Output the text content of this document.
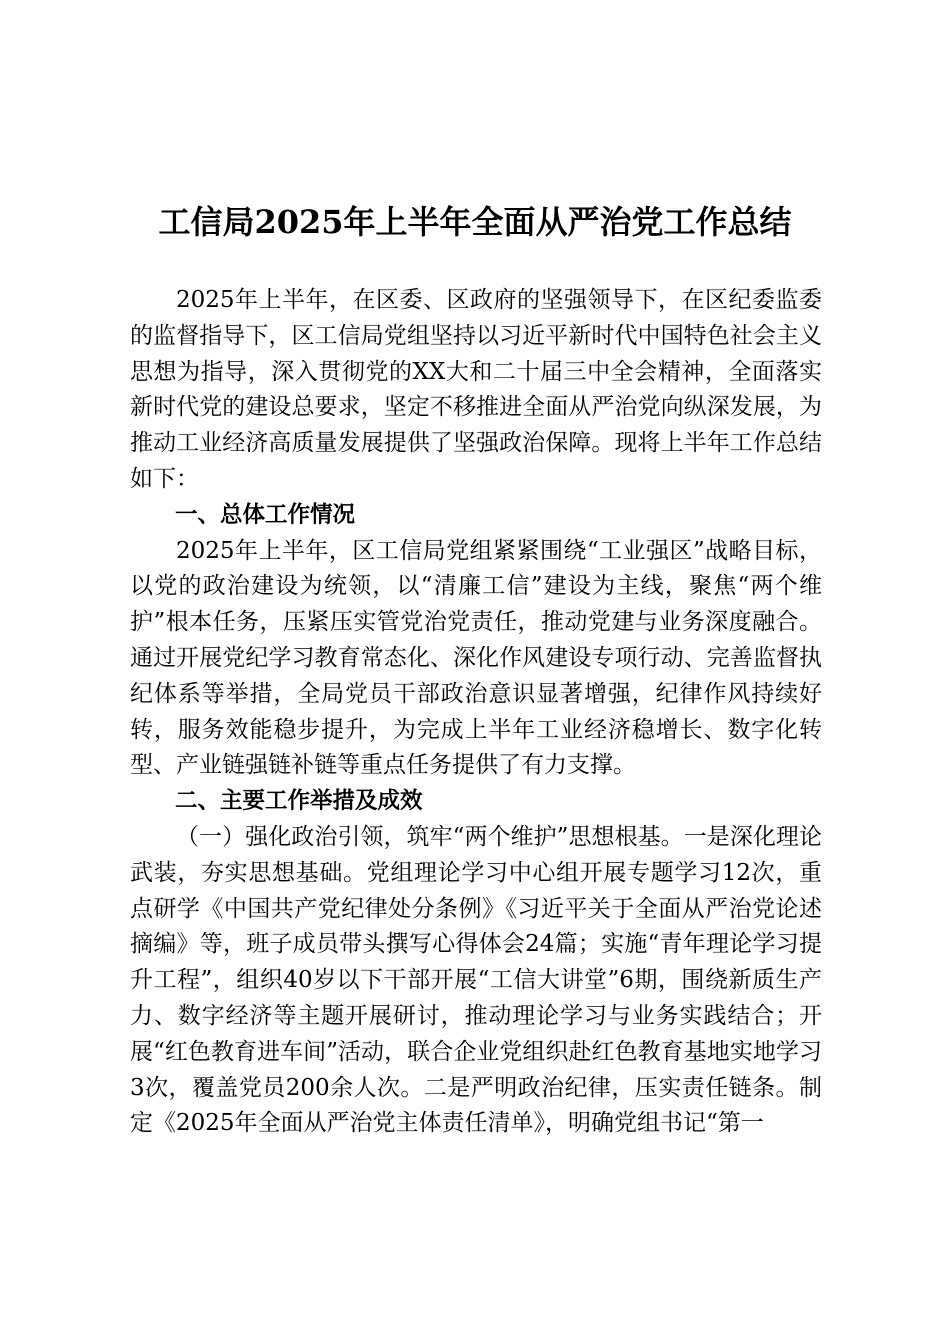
工信局2025年上半年全面从严治党工作总结

2025年上半年，在区委、区政府的坚强领导下，在区纪委监委的监督指导下，区工信局党组坚持以习近平新时代中国特色社会主义思想为指导，深入贯彻党的XX大和二十届三中全会精神，全面落实新时代党的建设总要求，坚定不移推进全面从严治党向纵深发展，为推动工业经济高质量发展提供了坚强政治保障。现将上半年工作总结如下：

一、总体工作情况

2025年上半年，区工信局党组紧紧围绕“工业强区”战略目标，以党的政治建设为统领，以“清廉工信”建设为主线，聚焦“两个维护”根本任务，压紧压实管党治党责任，推动党建与业务深度融合。通过开展党纪学习教育常态化、深化作风建设专项行动、完善监督执纪体系等举措，全局党员干部政治意识显著增强，纪律作风持续好转，服务效能稳步提升，为完成上半年工业经济稳增长、数字化转型、产业链强链补链等重点任务提供了有力支撑。

二、主要工作举措及成效

（一）强化政治引领，筑牢“两个维护”思想根基。一是深化理论武装，夯实思想基础。党组理论学习中心组开展专题学习12次，重点研学《中国共产党纪律处分条例》《习近平关于全面从严治党论述摘编》等，班子成员带头撰写心得体会24篇；实施“青年理论学习提升工程”，组织40岁以下干部开展“工信大讲堂”6期，围绕新质生产力、数字经济等主题开展研讨，推动理论学习与业务实践结合；开展“红色教育进车间”活动，联合企业党组织赴红色教育基地实地学习3次，覆盖党员200余人次。二是严明政治纪律，压实责任链条。制定《2025年全面从严治党主体责任清单》，明确党组书记“第一
